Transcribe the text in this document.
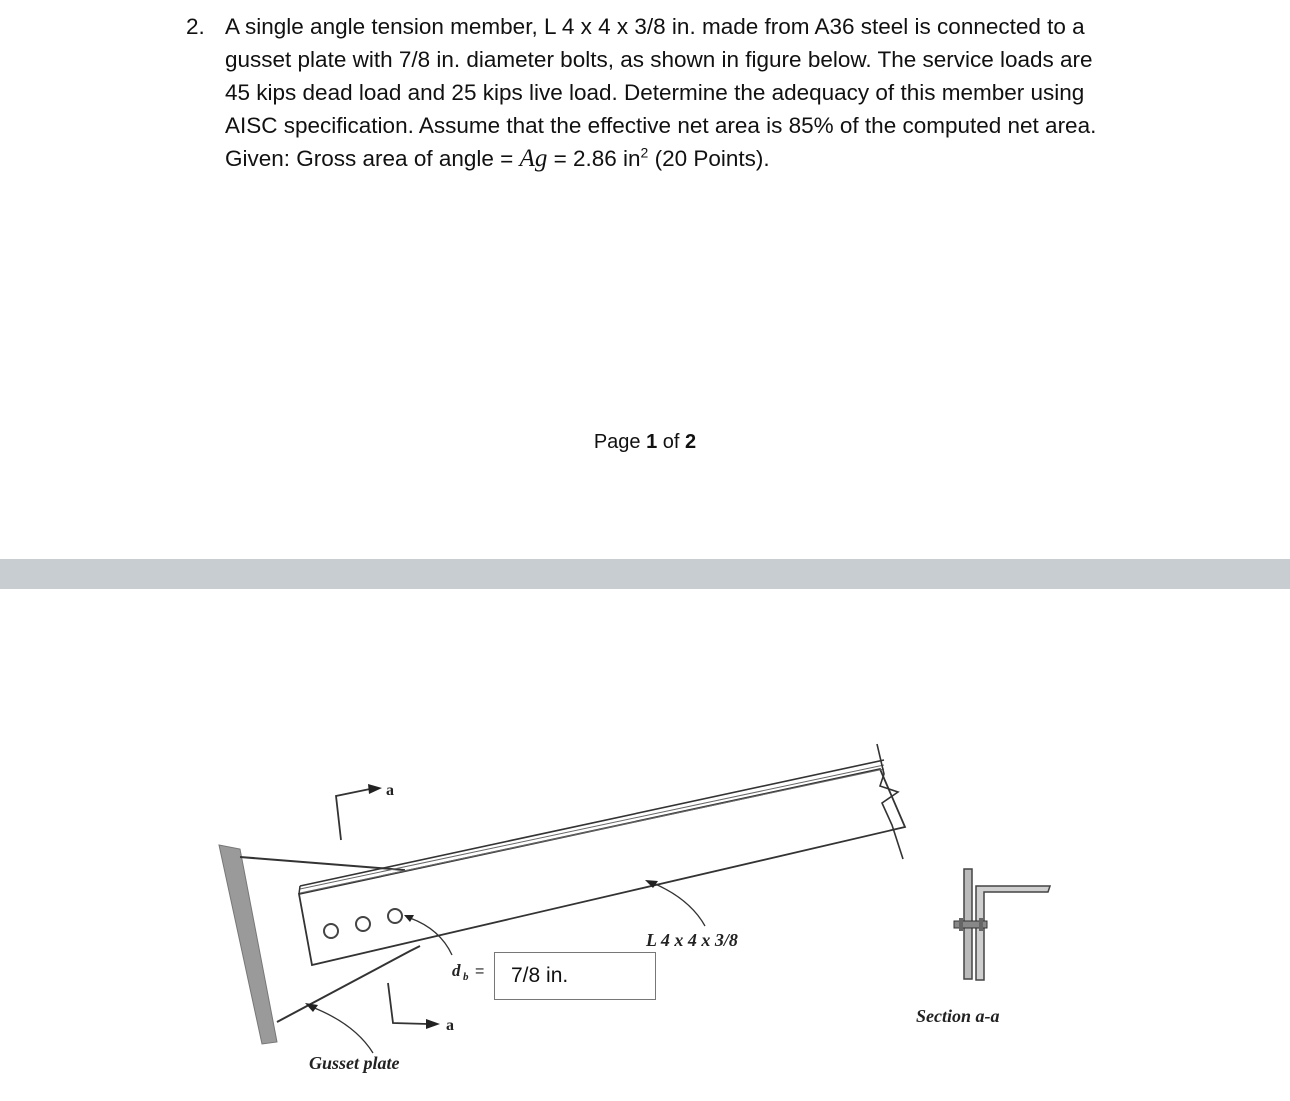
2. A single angle tension member, L 4 x 4 x 3/8 in. made from A36 steel is connected to a
gusset plate with 7/8 in. diameter bolts, as shown in figure below. The service loads are
45 kips dead load and 25 kips live load. Determine the adequacy of this member using
AISC specification. Assume that the effective net area is 85% of the computed net area.
Given: Gross area of angle = Ag = 2.86 $in^2$ (20 Points).
Page 1 of 2
a
a
L 4 x 4 x 3/8
Gusset plate
Section a-a
d b =	7/8 in.
